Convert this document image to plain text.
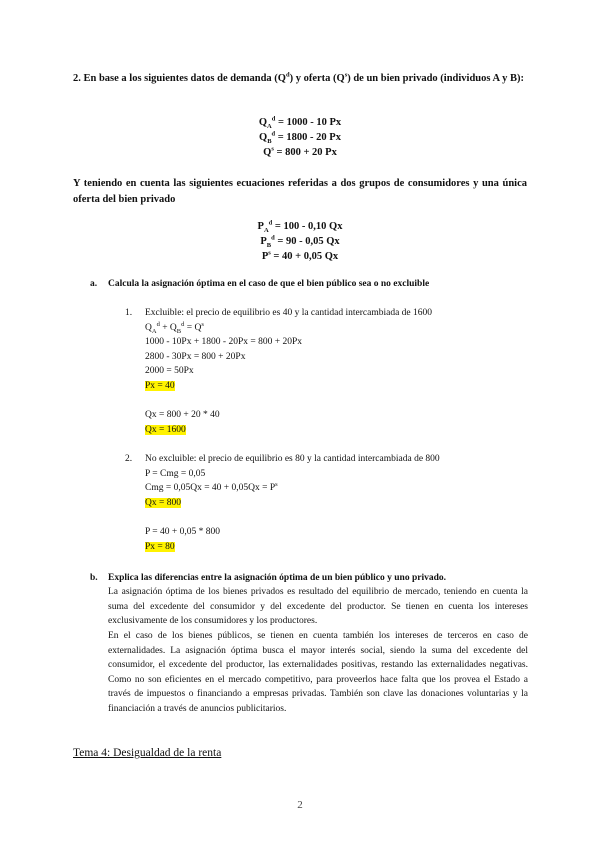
2. En base a los siguientes datos de demanda $(Q^d)$ y oferta $(Q^s)$ de un bien privado (individuos A y B):
$Q_A^d = 1000 - 10$ Px
$Q_B^d = 1800 - 20$ Px
$Q^s = 800 + 20$ Px
Y teniendo en cuenta las siguientes ecuaciones referidas a dos grupos de consumidores y una única oferta del bien privado
$P_A^d = 100 - 0,10$ Qx
$P_B^d = 90 - 0,05$ Qx
$P^s = 40 + 0,05$ Qx
a. Calcula la asignación óptima en el caso de que el bien público sea o no excluible
1. Excluible: el precio de equilibrio es 40 y la cantidad intercambiada de 1600
$Q_A^d + Q_B^d = Q^s$
1000 - 10Px + 1800 - 20Px = 800 + 20Px
2800 - 30Px = 800 + 20Px
2000 = 50Px
Px = 40
Qx = 800 + 20 * 40
Qx = 1600
2. No excluible: el precio de equilibrio es 80 y la cantidad intercambiada de 800
P = Cmg = 0,05
Cmg = $0,05Qx = 40 + 0,05Qx = P^s$
Qx = 800
P = 40 + 0,05 * 800
Px = 80
b. Explica las diferencias entre la asignación óptima de un bien público y uno privado.
La asignación óptima de los bienes privados es resultado del equilibrio de mercado, teniendo en cuenta la suma del excedente del consumidor y del excedente del productor. Se tienen en cuenta los intereses exclusivamente de los consumidores y los productores.
En el caso de los bienes públicos, se tienen en cuenta también los intereses de terceros en caso de externalidades. La asignación óptima busca el mayor interés social, siendo la suma del excedente del consumidor, el excedente del productor, las externalidades positivas, restando las externalidades negativas. Como no son eficientes en el mercado competitivo, para proveerlos hace falta que los provea el Estado a través de impuestos o financiando a empresas privadas. También son clave las donaciones voluntarias y la financiación a través de anuncios publicitarios.
Tema 4: Desigualdad de la renta
2
